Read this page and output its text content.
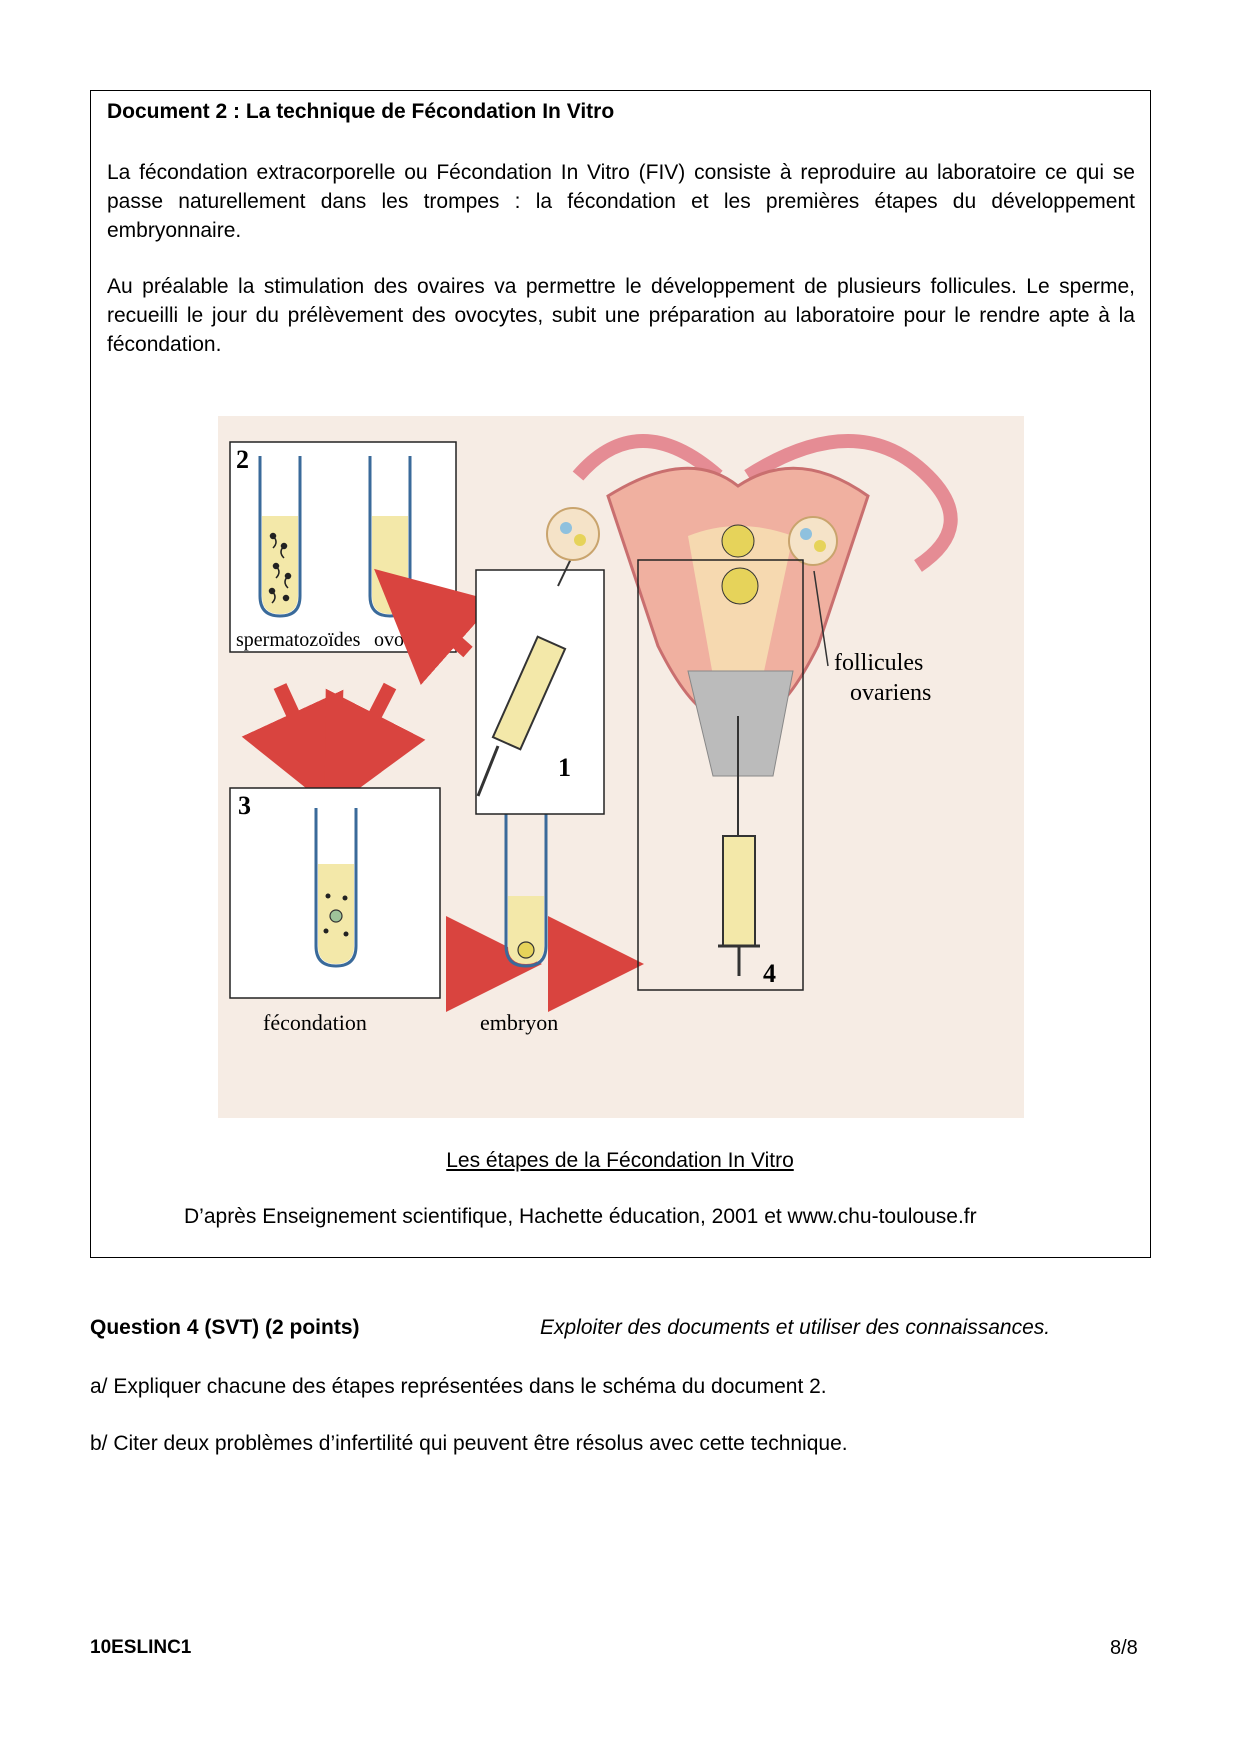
Document 2 : La technique de Fécondation In Vitro

La fécondation extracorporelle ou Fécondation In Vitro (FIV) consiste à reproduire au laboratoire ce qui se passe naturellement dans les trompes : la fécondation et les premières étapes du développement embryonnaire.

Au préalable la stimulation des ovaires va permettre le développement de plusieurs follicules. Le sperme, recueilli le jour du prélèvement des ovocytes, subit une préparation au laboratoire pour le rendre apte à la fécondation.

2
spermatozoïdes ovocyte
3
fécondation	embryon
1
follicules
ovariens
4
Les étapes de la Fécondation In Vitro
D’après Enseignement scientifique, Hachette éducation, 2001 et www.chu-toulouse.fr
Question 4 (SVT) (2 points)	Exploiter des documents et utiliser des connaissances.
a/ Expliquer chacune des étapes représentées dans le schéma du document 2.
b/ Citer deux problèmes d’infertilité qui peuvent être résolus avec cette technique.
10ESLINC1	8/8
